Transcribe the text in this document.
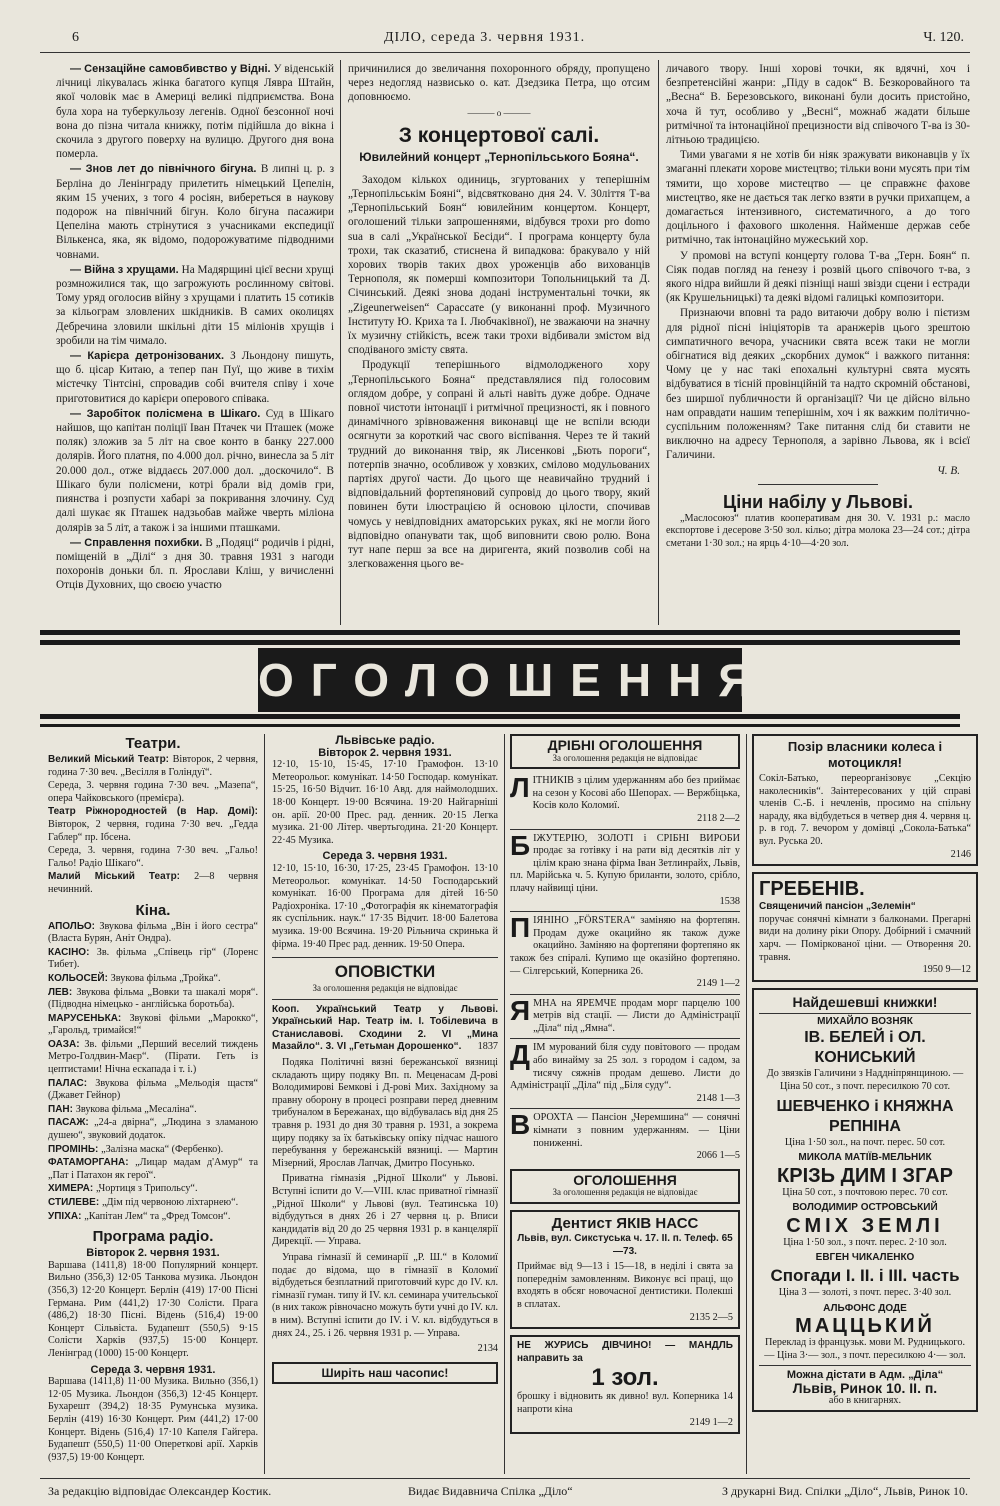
6	ДІЛО, середа 3. червня 1931.	Ч. 120.

— Сензаційне самовбивство у Відні. У віденській лічниці лікувалась жінка багатого купця Лявра Штайн, якої чоловік має в Америці великі підприємства. Вона була хора на туберкульозу легенів. Одної безсонної ночі вона до пізна читала книжку, потім підійшла до вікна і скочила з другого поверху на вулицю. Другого дня вона померла.

— Знов лет до північного бігуна. В липні ц. р. з Берліна до Ленінграду прилетить німецький Цепелін, яким 15 учених, з того 4 росіян, вибереться в наукову подорож на північний бігун. Коло бігуна пасажири Цепеліна мають стрінутися з учасниками експедиції Вількенса, яка, як відомо, подорожуватиме підводними човнами.

— Війна з хрущами. На Мадярщині цієї весни хрущі розмножилися так, що загрожують рослинному світові. Тому уряд оголосив війну з хрущами і платить 15 сотиків за кільограм зловлених шкідників. В самих околицях Дебречина зловили шкільні діти 15 міліонів хрущів і зробили на тім чимало.

— Карієра детронізованих. З Льондону пишуть, що б. цісар Китаю, а тепер пан Пуї, що живе в тихім містечку Тінтсіні, спровадив собі вчителя співу і хоче приготовитися до карієри оперового співака.

— Заробіток полісмена в Шікаго. Суд в Шікаго найшов, що капітан поліції Іван Птачек чи Пташек (може поляк) зложив за 5 літ на свое конто в банку 227.000 долярів. Його платня, по 4.000 дол. річно, винесла за 5 літ 20.000 дол., отже віддаєсь 207.000 дол. „доскочило“. В Шікаго були полісмени, котрі брали від домів гри, пиянства і розпусти хабарі за покривання злочину. Суд далі шукає як Пташек надзьобав майже чверть міліона долярів за 5 літ, а також і за іншими пташками.

— Справлення похибки. В „Подяці“ родичів і рідні, поміщеній в „Ділі“ з дня 30. травня 1931 з нагоди похоронів доньки бл. п. Ярослави Кліш, у вичисленні Отців Духовних, що своєю участю

причинилися до звеличання похоронного обряду, пропущено через недогляд назвисько о. кат. Дзедзика Петра, що отсим доповнюємо.

——— o ———
З концертової салі.
Ювилейний концерт „Тернопільського Бояна“.

Заходом кількох одиниць, згуртованих у теперішнім „Тернопільськім Бояні“, відсвятковано дня 24. V. 30ліття Т-ва „Тернопільський Боян“ ювилейним концертом. Концерт, оголошений тільки запрошеннями, відбувся трохи pro domo sua в салі „Української Бесіди“. І програма концерту була трохи, так сказатиб, стиснена й випадкова: бракувало у ній хорових творів таких двох уроженців або вихованців Тернополя, як померші композитори Топольницький та Д. Січинський. Деякі знова додані інструментальні точки, як „Zigeunerweisen“ Сарассате (у виконанні проф. Музичного Інституту Ю. Криха та І. Любчаківної), не зважаючи на значну їх музичну стійкість, всеж таки трохи відбивали змістом від сподіваного змісту свята.

Продукції теперішнього відмолодженого хору „Тернопільського Бояна“ представлялися під голосовим оглядом добре, у сопрані й альті навіть дуже добре. Одначе повної чистоти інтонації і ритмічної прецизності, як і повного динамічного зрівноваження виконавці ще не вспіли всюди осягнути за короткий час свого віспівання. Через те й такий трудний до виконання твір, як Лисенкові „Бють пороги“, потерпів значно, особливож у ховзких, смілово модульованих партіях другої части. До цього ще неавичайно трудний і відповідальний фортепяновий супровід до цього твору, який повинен бути ілюстрацією й основою цілости, спочивав чомусь у невідповідних аматорських руках, які не могли його відповідно опанувати так, щоб виповнити свою ролю. Вона тут напе перш за все на диригента, який позволив собі на злегковаження цього ве-

личавого твору. Інші хорові точки, як вдячні, хоч і безпретенсійні жанри: „Піду в садок“ В. Безкоровайного та „Весна“ В. Березовського, виконані були досить пристойно, хоча й тут, особливо у „Весні“, можнаб жадати більше ритмічної та інтонаційної прецизности від співочого Т-ва із 30-літньою традицією.

Тими увагами я не хотів би ніяк зражувати виконавців у їх змаганні плекати хорове мистецтво; тільки вони мусять при тім тямити, що хорове мистецтво — це справжнє фахове мистецтво, яке не дається так легко взяти в ручки прихапцем, а домагається інтензивного, систематичного, а до того доцільного і фахового школення. Найменше держав себе ритмічно, так інтонаційно мужеський хор.

У промові на вступі концерту голова Т-ва „Терн. Боян“ п. Сіяк подав погляд на ґенезу і розвій цього співочого т-ва, з якого нідра вийшли й деякі пізніщі наші звізди сцени і естради (як Крушельницькі) та деякі відомі галицькі композитори.

Признаючи вповні та радо витаючи добру волю і пієтизм для рідної пісні ініціяторів та аранжерів цього зрештою симпатичного вечора, учасники свята всеж таки не могли обігнатися від деяких „скорбних думок“ і важкого питання: Чому це у нас такі епохальні культурні свята мусять відбуватися в тісній провінційній та надто скромній обстанові, без ширшої публичности й організації? Чи це дійсно вільно нам оправдати нашим теперішнім, хоч і як важким політично-суспільним положенням? Таке питання слід би ставити не виключно на адресу Тернополя, а зарівно Львова, як і всієї Галичини.

Ч. В.
Ціни набілу у Львові.

„Маслосоюз“ платив кооперативам дня 30. V. 1931 р.: масло експортове і десерове 3·50 зол. кільо; дітра молока 23—24 сот.; дітра сметани 1·30 зол.; на ярць 4·10—4·20 зол.

ОГОЛОШЕННЯ
Театри.
Великий Міський Театр: Вівторок, 2 червня, година 7·30 веч. „Весілля в Голіндуї“.
Середа, 3. червня година 7·30 веч. „Мазепа“, опера Чайковського (премієра).
Театр Ріжнородностей (в Нар. Домі): Вівторок, 2 червня, година 7·30 веч. „Гедда Габлер“ пр. Ібсена.
Середа, 3. червня, година 7·30 веч. „Гальо! Гальо! Радіо Шікаго“.
Малий Міський Театр: 2—8 червня нечинний.
Кіна.
АПОЛЬО: Звукова фільма „Він і його сестра“ (Власта Бурян, Аніт Ондра).
КАСІНО: Зв. фільма „Співець гір“ (Лоренс Тибет).
КОЛЬОСЕЙ: Звукова фільма „Тройка“.
ЛЕВ: Звукова фільма „Вовки та шакалі моря“. (Підводна німецько - англійська боротьба).
МАРУСЕНЬКА: Звукові фільми „Марокко“, „Гарольд, тримайся!“
ОАЗА: Зв. фільми „Перший веселий тиждень Метро-Голдвин-Маєр“. (Пірати. Геть із цептистами! Нічна ескапада і т. і.)
ПАЛАС: Звукова фільма „Мельодія щастя“ (Джавет Гейнор)
ПАН: Звукова фільма „Месаліна“.
ПАСАЖ: „24-а двірна“, „Людина з зламаною душею“, звуковий додаток.
ПРОМІНЬ: „Залізна маска“ (Фербенко).
ФАТАМОРГАНА: „Лицар мадам д'Амур“ та „Пат і Патахон як герої“.
ХИМЕРА: „Чортиця з Трипольсу“.
СТИЛЕВЕ: „Дім під червоною ліхтарнею“.
УПІХА: „Капітан Лем“ та „Фред Томсон“.
Програма радіо.
Вівторок 2. червня 1931.
Варшава (1411,8) 18·00 Популярний концерт. Вильно (356,3) 12·05 Танкова музика. Льондон (356,3) 12·20 Концерт. Берлін (419) 17·00 Пісні Германа. Рим (441,2) 17·30 Солісти. Прага (486,2) 18·30 Пісні. Відень (516,4) 19·00 Концерт Сільвіста. Будапешт (550,5) 9·15 Солісти Харків (937,5) 15·00 Концерт. Ленінград (1000) 15·00 Концерт.
Середа 3. червня 1931.
Варшава (1411,8) 11·00 Музика. Вильно (356,1) 12·05 Музика. Льондон (356,3) 12·45 Концерт. Бухарешт (394,2) 18·35 Румунська музика. Берлін (419) 16·30 Концерт. Рим (441,2) 17·00 Концерт. Відень (516,4) 17·10 Капеля Гайгера. Будапешт (550,5) 11·00 Оперетковi арії. Харків (937,5) 19·00 Концерт.
Львівське радіо.
Вівторок 2. червня 1931.
12·10, 15·10, 15·45, 17·10 Грамофон. 13·10 Метеорольог. комунікат. 14·50 Господар. комунікат. 15·25, 16·50 Відчит. 16·10 Авд. для наймолодших. 18·00 Концерт. 19·00 Всячина. 19·20 Найгарніші он. арії. 20·00 Прес. рад. денник. 20·15 Легка музика. 21·00 Літер. чвертьгодина. 21·20 Концерт. 22·45 Музика.
Середа 3. червня 1931.
12·10, 15·10, 16·30, 17·25, 23·45 Грамофон. 13·10 Метеорольог. комунікат. 14·50 Господарський комунікат. 16·00 Програма для дітей 16·50 Радіохроніка. 17·10 „Фотографія як кінематографія як суспільник. наук.“ 17·35 Відчит. 18·00 Балетова музика. 19·00 Всячина. 19·20 Рільнича скринька й фірма. 19·40 Прес рад. денник. 19·50 Опера.
ОПОВІСТКИ
За оголошення редакція не відповідає
Кооп. Український Театр у Львові. Український Нар. Театр ім. І. Тобілевича в Станиславові. Сходини 2. VI „Мина Мазайло“. 3. VI „Гетьман Дорошенко“. 1837

Подяка Політичні вязні бережанської вязниці складають щиру подяку Вп. п. Меценасам Д-рові Володимирові Бемкові і Д-рові Мих. Західному за правну оборону в процесі розправи перед дневним трибуналом в Бережанах, що відбувалась від дня 25 травня р. 1931 до дня 30 травня р. 1931, а зокрема щиру подяку за їх батьківську опіку підчас нашого перебування у бережанській вязниці. — Мартин Мізерний, Ярослав Лапчак, Дмитро Посунько.

Приватна гімназія „Рідної Школи“ у Львові. Вступні іспити до V.—VIII. клас приватної гімназії „Рідної Школи“ у Львові (вул. Театинська 10) відбудуться в днях 26 і 27 червня ц. р. Вписи кандидатів від 20 до 25 червня 1931 р. в канцелярії Дирекції. — Управа.

Управа гімназії й семинарії „Р. Ш.“ в Коломиї подає до відома, що в гімназії в Коломиї відбудеться безплатний приготовчий курс до IV. кл. гімназії гуман. типу й IV. кл. семинара учительської (в них також рівночасно можуть бути учні до IV. кл. в ним). Вступні іспити до IV. і V. кл. відбудуться в днях 24., 25. і 26. червня 1931 р. — Управа.

2134
Ширіть наш часопис!
ДРІБНІ ОГОЛОШЕННЯ
За оголошення редакція не відповідає
ЛІТНИКІВ з цілим удержанням або без приймає на сезон у Косові або Шепорах. — Вержбіцька, Косів коло Коломиї.
2118 2—2
БІЖУТЕРІЮ, ЗОЛОТІ і СРІБНІ ВИРОБИ продає за готівку і на рати від десятків літ у цілім краю знана фірма Іван Зетлинрайх, Львів, пл. Марійська ч. 5. Купую бриланти, золото, срібло, плачу найвищі ціни.
1538
ПІЯНІНО „FÖRSTERA“ заміняю на фортепян. Продам дуже окацийно як також дуже окацийно. Заміняю на фортепяни фортепяно як також без спіралі. Купимо ще оказійно фортепяно. — Сілгерський, Коперника 26.
2149 1—2
ЯМНА на ЯРЕМЧЕ продам морг парцелю 100 метрів від стації. — Листи до Адміністрації „Діла“ під „Ямна“.
ДІМ мурований біля суду повітового — продам або винайму за 25 зол. з городом і садом, за тисячу сяжнів продам дешево. Листи до Адміністрації „Діла“ під „Біля суду“.
2148 1—3
ВОРОХТА — Пансіон „Черемшина“ — сонячні кімнати з повним удержанням. — Ціни пониженні.
2066 1—5
ОГОЛОШЕННЯ
За оголошення редакція не відповідає
Дентист ЯКІВ НАСС
Львів, вул. Сикстуська ч. 17. II. п. Телеф. 65—73.
Приймає від 9—13 і 15—18, в неділі і свята за попереднім замовленням. Виконує всі праці, що входять в обсяг новочасної дентистики. Полекші в сплатах.
2135 2—5
НЕ ЖУРИСЬ ДІВЧИНО! — МАНДЛЬ направить за
1 зол.
брошку і відновить як дивно! вул. Коперника 14 напроти кіна
2149 1—2
Позір власники колеса і мотоцикля!
Сокіл-Батько, переорганізовує „Секцію наколесників“. Заінтересованих у цій справі членів С.-Б. і нечленів, просимо на спільну нараду, яка відбудеться в четвер дня 4. червня ц. р. в год. 7. вечором у домівці „Сокола-Батька“ вул. Руська 20.
2146
ГРЕБЕНІВ.
Священичий пансіон „Зелемін“
поручає сонячні кімнати з балконами. Прегарні види на долину ріки Опору. Добірний і смачний харч. — Поміркованої ціни. — Отворення 20. травня.
1950 9—12
Найдешевші книжки!
МИХАЙЛО ВОЗНЯК
ІВ. БЕЛЕЙ і ОЛ. КОНИСЬКИЙ
До звязків Галичини з Наддніпрянщиною. — Ціна 50 сот., з почт. пересилкою 70 сот.
ШЕВЧЕНКО і КНЯЖНА РЕПНІНА
Ціна 1·50 зол., на почт. перес. 50 сот.
МИКОЛА МАТІЇВ-МЕЛЬНИК
КРІЗЬ ДИМ І ЗГАР
Ціна 50 сот., з почтовою перес. 70 сот.
ВОЛОДИМИР ОСТРОВСЬКИЙ
СМІХ ЗЕМЛІ
Ціна 1·50 зол., з почт. перес. 2·10 зол.
ЕВГЕН ЧИКАЛЕНКО
Спогади I. II. і III. часть
Ціна 3 — золоті, з почт. перес. 3·40 зол.
АЛЬФОНС ДОДЕ
МАЦЦЬКИЙ
Переклад із французьк. мови М. Рудницького. — Ціна 3·— зол., з почт. пересилкою 4·— зол.
Можна дістати в Адм. „Діла“
Львів, Ринок 10. II. п.
або в книгарнях.
За редакцію відповідає Олександер Костик.	Видає Видавнича Спілка „Діло“	З друкарні Вид. Спілки „Діло“, Львів, Ринок 10.
